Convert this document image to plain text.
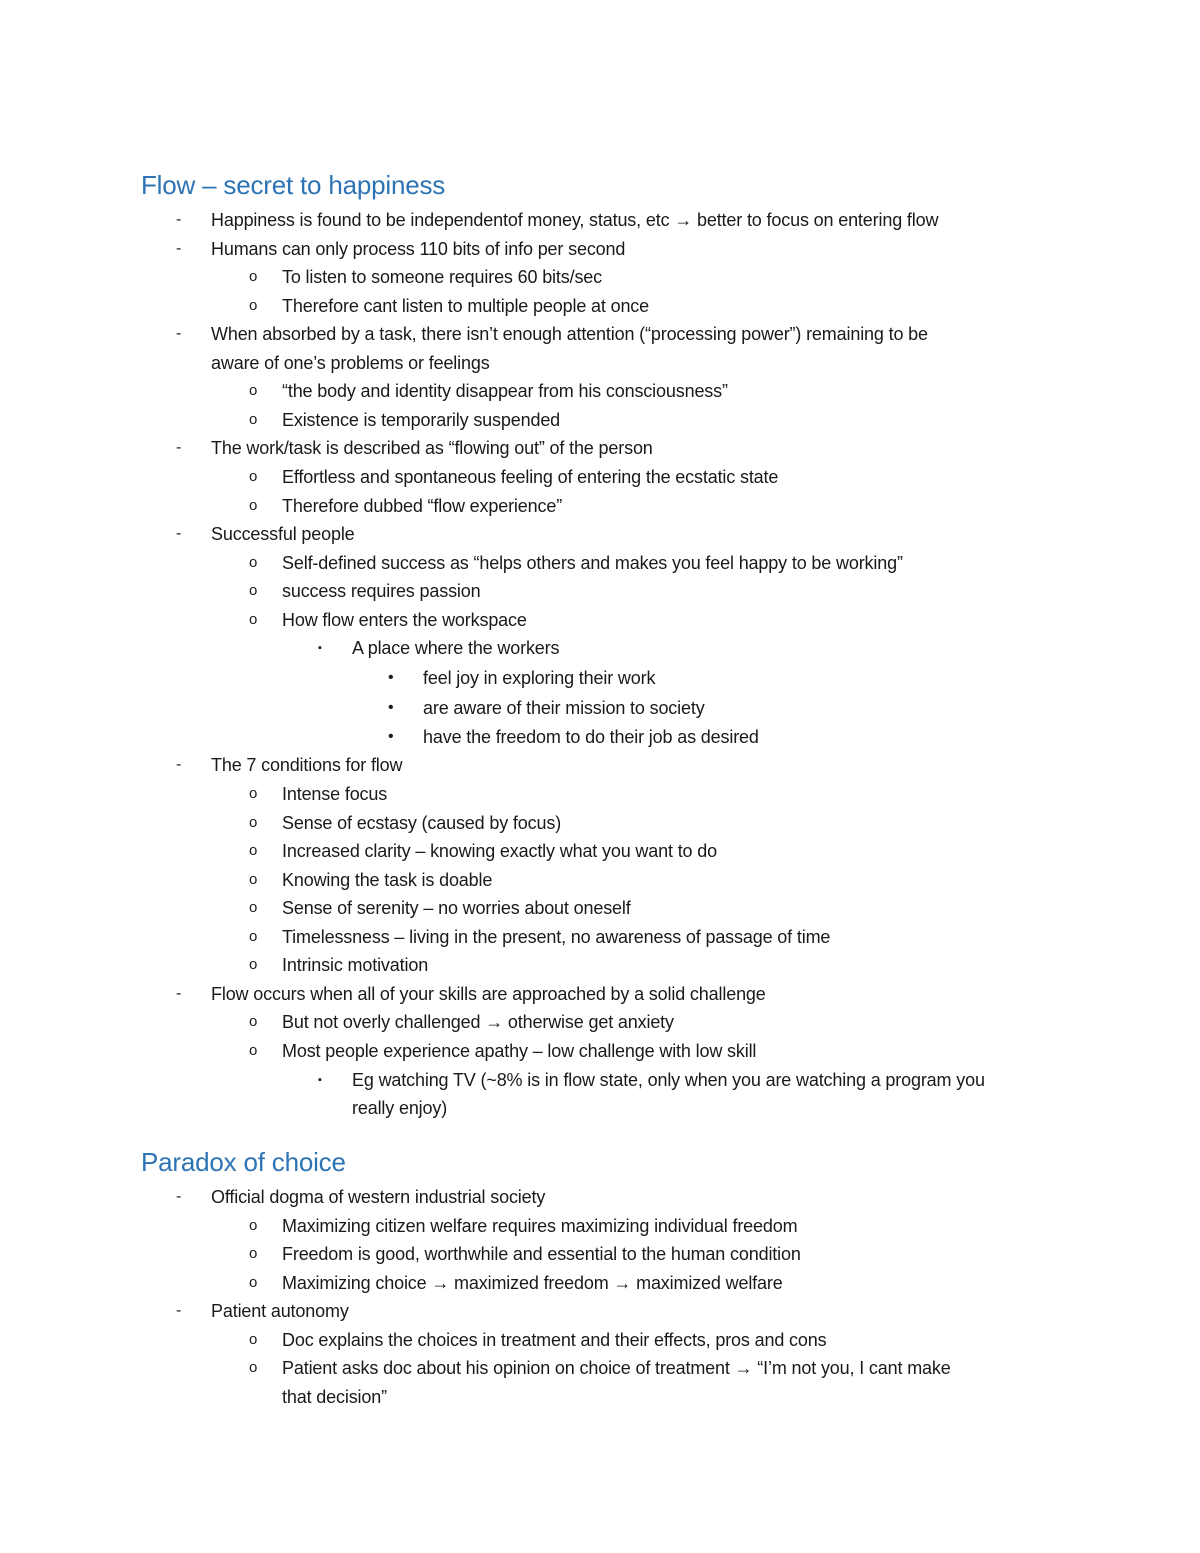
Flow – secret to happiness
- Happiness is found to be independentof money, status, etc → better to focus on entering flow
- Humans can only process 110 bits of info per second
o To listen to someone requires 60 bits/sec
o Therefore cant listen to multiple people at once
- When absorbed by a task, there isn’t enough attention (“processing power”) remaining to be
aware of one’s problems or feelings
o “the body and identity disappear from his consciousness”
o Existence is temporarily suspended
- The work/task is described as “flowing out” of the person
o Effortless and spontaneous feeling of entering the ecstatic state
o Therefore dubbed “flow experience”
- Successful people
o Self-defined success as “helps others and makes you feel happy to be working”
o success requires passion
o How flow enters the workspace
▪ A place where the workers
• feel joy in exploring their work
• are aware of their mission to society
• have the freedom to do their job as desired
- The 7 conditions for flow
o Intense focus
o Sense of ecstasy (caused by focus)
o Increased clarity – knowing exactly what you want to do
o Knowing the task is doable
o Sense of serenity – no worries about oneself
o Timelessness – living in the present, no awareness of passage of time
o Intrinsic motivation
- Flow occurs when all of your skills are approached by a solid challenge
o But not overly challenged → otherwise get anxiety
o Most people experience apathy – low challenge with low skill
▪ Eg watching TV (~8% is in flow state, only when you are watching a program you
really enjoy)
Paradox of choice
- Official dogma of western industrial society
o Maximizing citizen welfare requires maximizing individual freedom
o Freedom is good, worthwhile and essential to the human condition
o Maximizing choice → maximized freedom → maximized welfare
- Patient autonomy
o Doc explains the choices in treatment and their effects, pros and cons
o Patient asks doc about his opinion on choice of treatment → “I’m not you, I cant make
that decision”
